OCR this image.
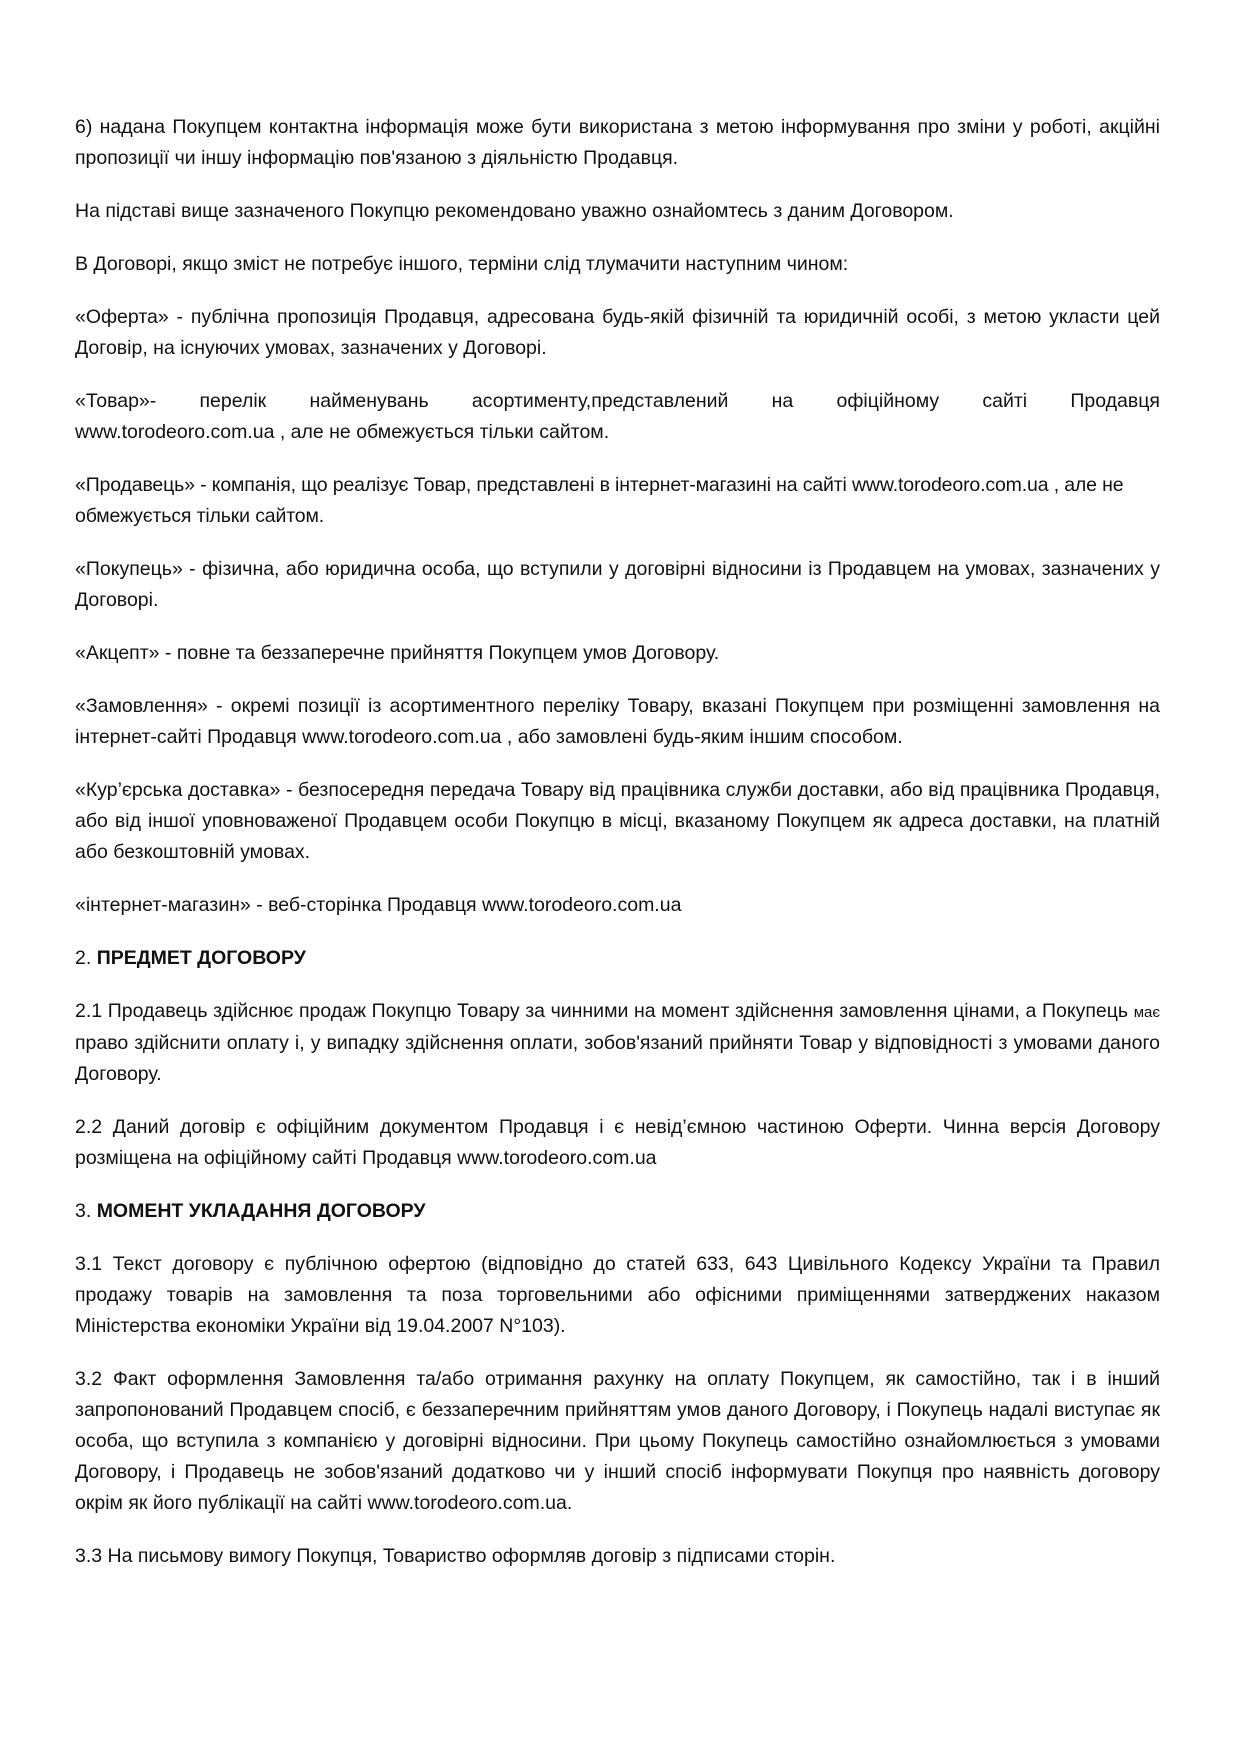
6) надана Покупцем контактна інформація може бути використана з метою інформування про зміни у роботі, акційні пропозиції чи іншу інформацію пов'язаною з діяльністю Продавця.

На підставі вище зазначеного Покупцю рекомендовано уважно ознайомтесь з даним Договором.

В Договорі, якщо зміст не потребує іншого, терміни слід тлумачити наступним чином:

«Оферта» - публічна пропозиція Продавця, адресована будь-якій фізичній та юридичній особі, з метою укласти цей Договір, на існуючих умовах, зазначених у Договорі.

«Товар»- перелік найменувань асортименту,представлений на офіційному сайті Продавця
www.torodeoro.com.ua , але не обмежується тільки сайтом.

«Продавець» - компанія, що реалізує Товар, представлені в інтернет-магазині на сайті www.torodeoro.com.ua , але не обмежується тільки сайтом.

«Покупець» - фізична, або юридична особа, що вступили у договірні відносини із Продавцем на умовах, зазначених у Договорі.

«Акцепт» - повне та беззаперечне прийняття Покупцем умов Договору.

«Замовлення» - окремі позиції із асортиментного переліку Товару, вказані Покупцем при розміщенні замовлення на інтернет-сайті Продавця www.torodeoro.com.ua , або замовлені будь-яким іншим способом.

«Кур’єрська доставка» - безпосередня передача Товару від працівника служби доставки, або від працівника Продавця, або від іншої уповноваженої Продавцем особи Покупцю в місці, вказаному Покупцем як адреса доставки, на платній або безкоштовній умовах.

«інтернет-магазин» - веб-сторінка Продавця www.torodeoro.com.ua

2. ПРЕДМЕТ ДОГОВОРУ

2.1 Продавець здійснює продаж Покупцю Товару за чинними на момент здійснення замовлення цінами, а Покупець має право здійснити оплату і, у випадку здійснення оплати, зобов'язаний прийняти Товар у відповідності з умовами даного Договору.

2.2 Даний договір є офіційним документом Продавця і є невід’ємною частиною Оферти. Чинна версія Договору розміщена на офіційному сайті Продавця www.torodeoro.com.ua

3. МОМЕНТ УКЛАДАННЯ ДОГОВОРУ

3.1 Текст договору є публічною офертою (відповідно до статей 633, 643 Цивільного Кодексу України та Правил продажу товарів на замовлення та поза торговельними або офісними приміщеннями затверджених наказом Міністерства економіки України від 19.04.2007 N°103).

3.2 Факт оформлення Замовлення та/або отримання рахунку на оплату Покупцем, як самостійно, так і в інший запропонований Продавцем спосіб, є беззаперечним прийняттям умов даного Договору, і Покупець надалі виступає як особа, що вступила з компанією у договірні відносини. При цьому Покупець самостійно ознайомлюється з умовами Договору, і Продавець не зобов'язаний додатково чи у інший спосіб інформувати Покупця про наявність договору окрім як його публікації на сайті www.torodeoro.com.ua.

3.3 На письмову вимогу Покупця, Товариство оформляв договір з підписами сторін.
